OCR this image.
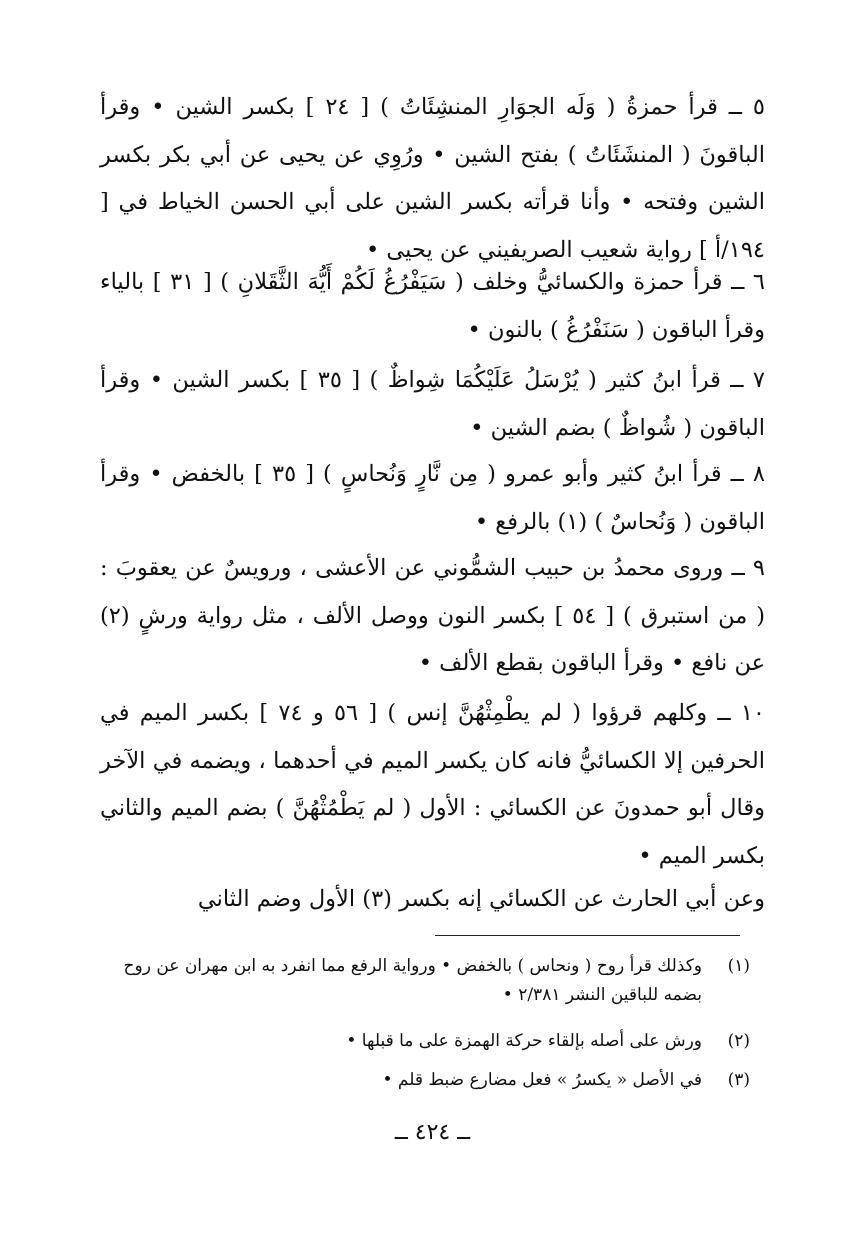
٥ ــ قرأ حمزةُ ( وَلَه الجوَارِ المنشِئَاتُ ) [ ٢٤ ] بكسر الشين • وقرأ الباقونَ ( المنشَئَاتُ ) بفتح الشين • ورُوِي عن يحيى عن أبي بكر بكسر الشين وفتحه • وأنا قرأته بكسر الشين على أبي الحسن الخياط في [ ١٩٤/أ ] رواية شعيب الصريفيني عن يحيى •

٦ ــ قرأ حمزة والكسائيُّ وخلف ( سَيَفْرُغُ لَكُمْ أَيُّهَ الثَّقَلانِ ) [ ٣١ ] بالياء وقرأ الباقون ( سَنَفْرُغُ ) بالنون •

٧ ــ قرأ ابنُ كثير ( يُرْسَلُ عَلَيْكُمَا شِواظٌ ) [ ٣٥ ] بكسر الشين • وقرأ الباقون ( شُواظٌ ) بضم الشين •

٨ ــ قرأ ابنُ كثير وأبو عمرو ( مِن نَّارٍ وَنُحاسٍ ) [ ٣٥ ] بالخفض • وقرأ الباقون ( وَنُحاسٌ ) (١) بالرفع •

٩ ــ وروى محمدُ بن حبيب الشمُّوني عن الأعشى ، ورويسٌ عن يعقوبَ : ( من استبرق ) [ ٥٤ ] بكسر النون ووصل الألف ، مثل رواية ورشٍ (٢) عن نافع • وقرأ الباقون بقطع الألف •

١٠ ــ وكلهم قرؤوا ( لم يطْمِثْهُنَّ إنس ) [ ٥٦ و ٧٤ ] بكسر الميم في الحرفين إلا الكسائيُّ فانه كان يكسر الميم في أحدهما ، ويضمه في الآخر وقال أبو حمدونَ عن الكسائي : الأول ( لم يَطْمُثْهُنَّ ) بضم الميم والثاني بكسر الميم •

وعن أبي الحارث عن الكسائي إنه بكسر (٣) الأول وضم الثاني

(١)
وكذلك قرأ روح ( ونحاس ) بالخفض • ورواية الرفع مما انفرد به ابن مهران عن روح بضمه للباقين النشر ٢/٣٨١ •
(٢)
ورش على أصله بإلقاء حركة الهمزة على ما قبلها •
(٣)
في الأصل « يكسرُ » فعل مضارع ضبط قلم •
ــ ٤٢٤ ــ
